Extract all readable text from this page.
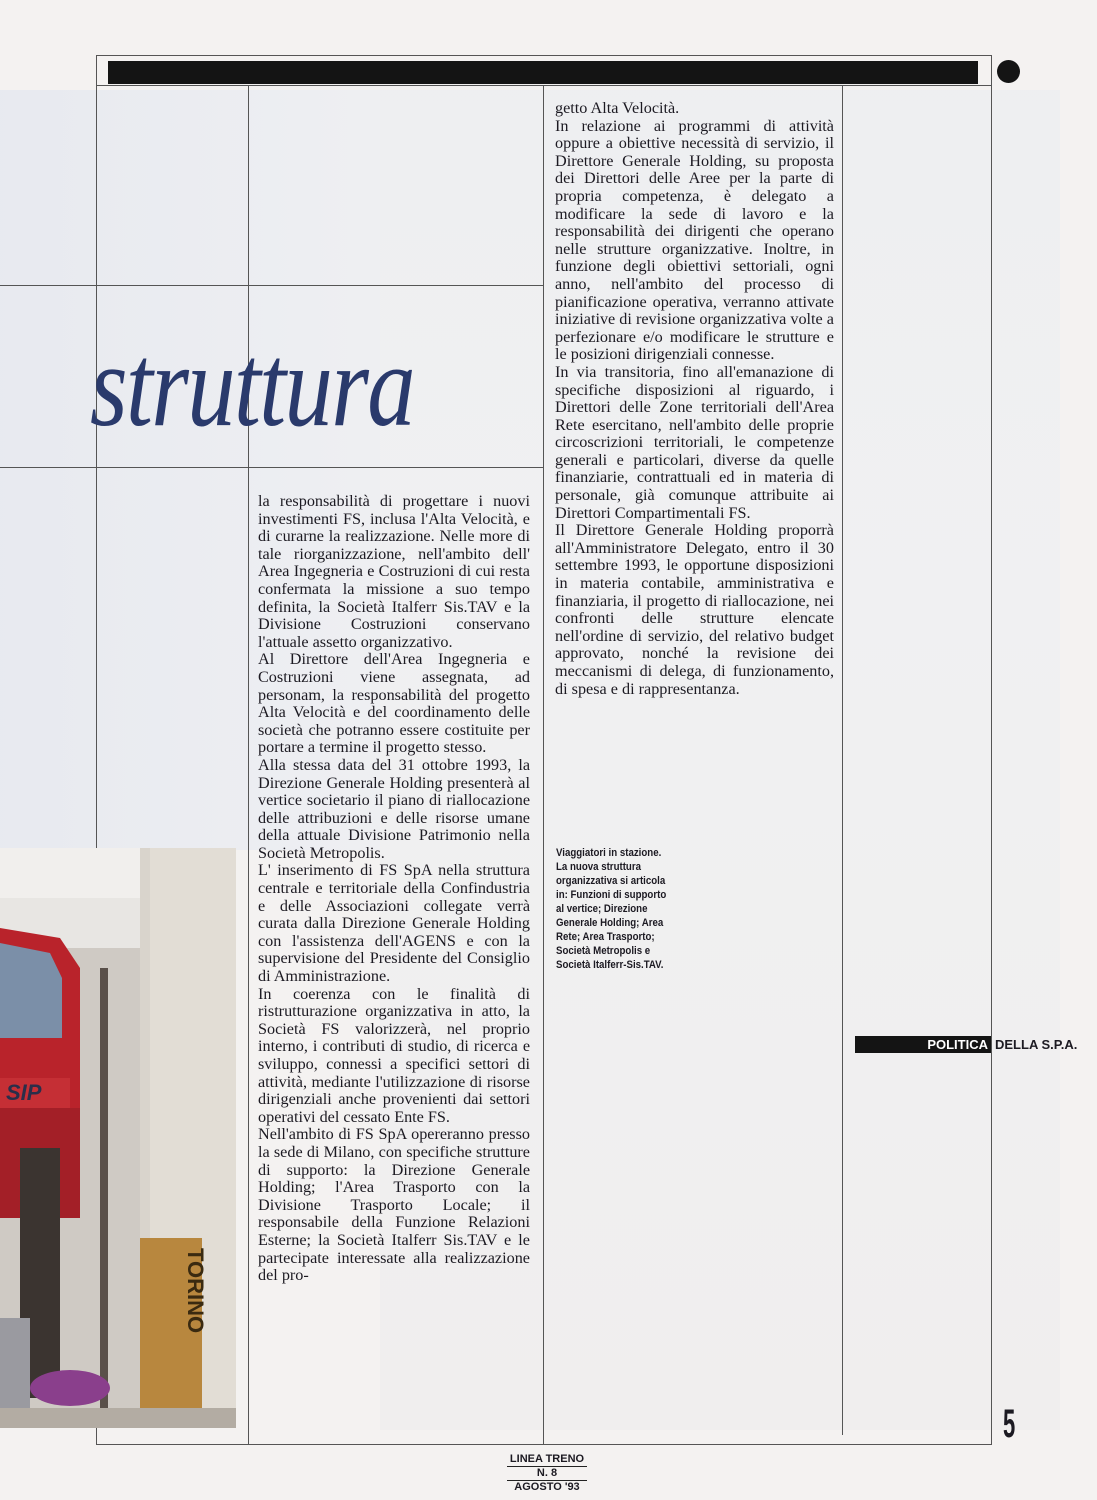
struttura

la responsabilità di progettare i nuovi investimenti FS, inclusa l'Alta Velocità, e di curarne la realizzazione. Nelle more di tale riorganizzazione, nell'ambito dell' Area Ingegneria e Costruzioni di cui resta confermata la missione a suo tempo definita, la Società Italferr Sis.TAV e la Divisione Costruzioni conservano l'attuale assetto organizzativo.

Al Direttore dell'Area Ingegneria e Costruzioni viene assegnata, ad personam, la responsabilità del progetto Alta Velocità e del coordinamento delle società che potranno essere costituite per portare a termine il progetto stesso.

Alla stessa data del 31 ottobre 1993, la Direzione Generale Holding presenterà al vertice societario il piano di riallocazione delle attribuzioni e delle risorse umane della attuale Divisione Patrimonio nella Società Metropolis.

L' inserimento di FS SpA nella struttura centrale e territoriale della Confindustria e delle Associazioni collegate verrà curata dalla Direzione Generale Holding con l'assistenza dell'AGENS e con la supervisione del Presidente del Consiglio di Amministrazione.

In coerenza con le finalità di ristrutturazione organizzativa in atto, la Società FS valorizzerà, nel proprio interno, i contributi di studio, di ricerca e sviluppo, connessi a specifici settori di attività, mediante l'utilizzazione di risorse dirigenziali anche provenienti dai settori operativi del cessato Ente FS.

Nell'ambito di FS SpA opereranno presso la sede di Milano, con specifiche strutture di supporto: la Direzione Generale Holding; l'Area Trasporto con la Divisione Trasporto Locale; il responsabile della Funzione Relazioni Esterne; la Società Italferr Sis.TAV e le partecipate interessate alla realizzazione del pro-

getto Alta Velocità.

In relazione ai programmi di attività oppure a obiettive necessità di servizio, il Direttore Generale Holding, su proposta dei Direttori delle Aree per la parte di propria competenza, è delegato a modificare la sede di lavoro e la responsabilità dei dirigenti che operano nelle strutture organizzative. Inoltre, in funzione degli obiettivi settoriali, ogni anno, nell'ambito del processo di pianificazione operativa, verranno attivate iniziative di revisione organizzativa volte a perfezionare e/o modificare le strutture e le posizioni dirigenziali connesse.

In via transitoria, fino all'emanazione di specifiche disposizioni al riguardo, i Direttori delle Zone territoriali dell'Area Rete esercitano, nell'ambito delle proprie circoscrizioni territoriali, le competenze generali e particolari, diverse da quelle finanziarie, contrattuali ed in materia di personale, già comunque attribuite ai Direttori Compartimentali FS.

Il Direttore Generale Holding proporrà all'Amministratore Delegato, entro il 30 settembre 1993, le opportune disposizioni in materia contabile, amministrativa e finanziaria, il progetto di riallocazione, nei confronti delle strutture elencate nell'ordine di servizio, del relativo budget approvato, nonché la revisione dei meccanismi di delega, di funzionamento, di spesa e di rappresentanza.

SIP
TORINO
Viaggiatori in stazione. La nuova struttura organizzativa si articola in: Funzioni di supporto al vertice; Direzione Generale Holding; Area Rete; Area Trasporto; Società Metropolis e Società Italferr-Sis.TAV.
POLITICA DELLA S.P.A.
5
LINEA TRENO
N. 8
AGOSTO '93
